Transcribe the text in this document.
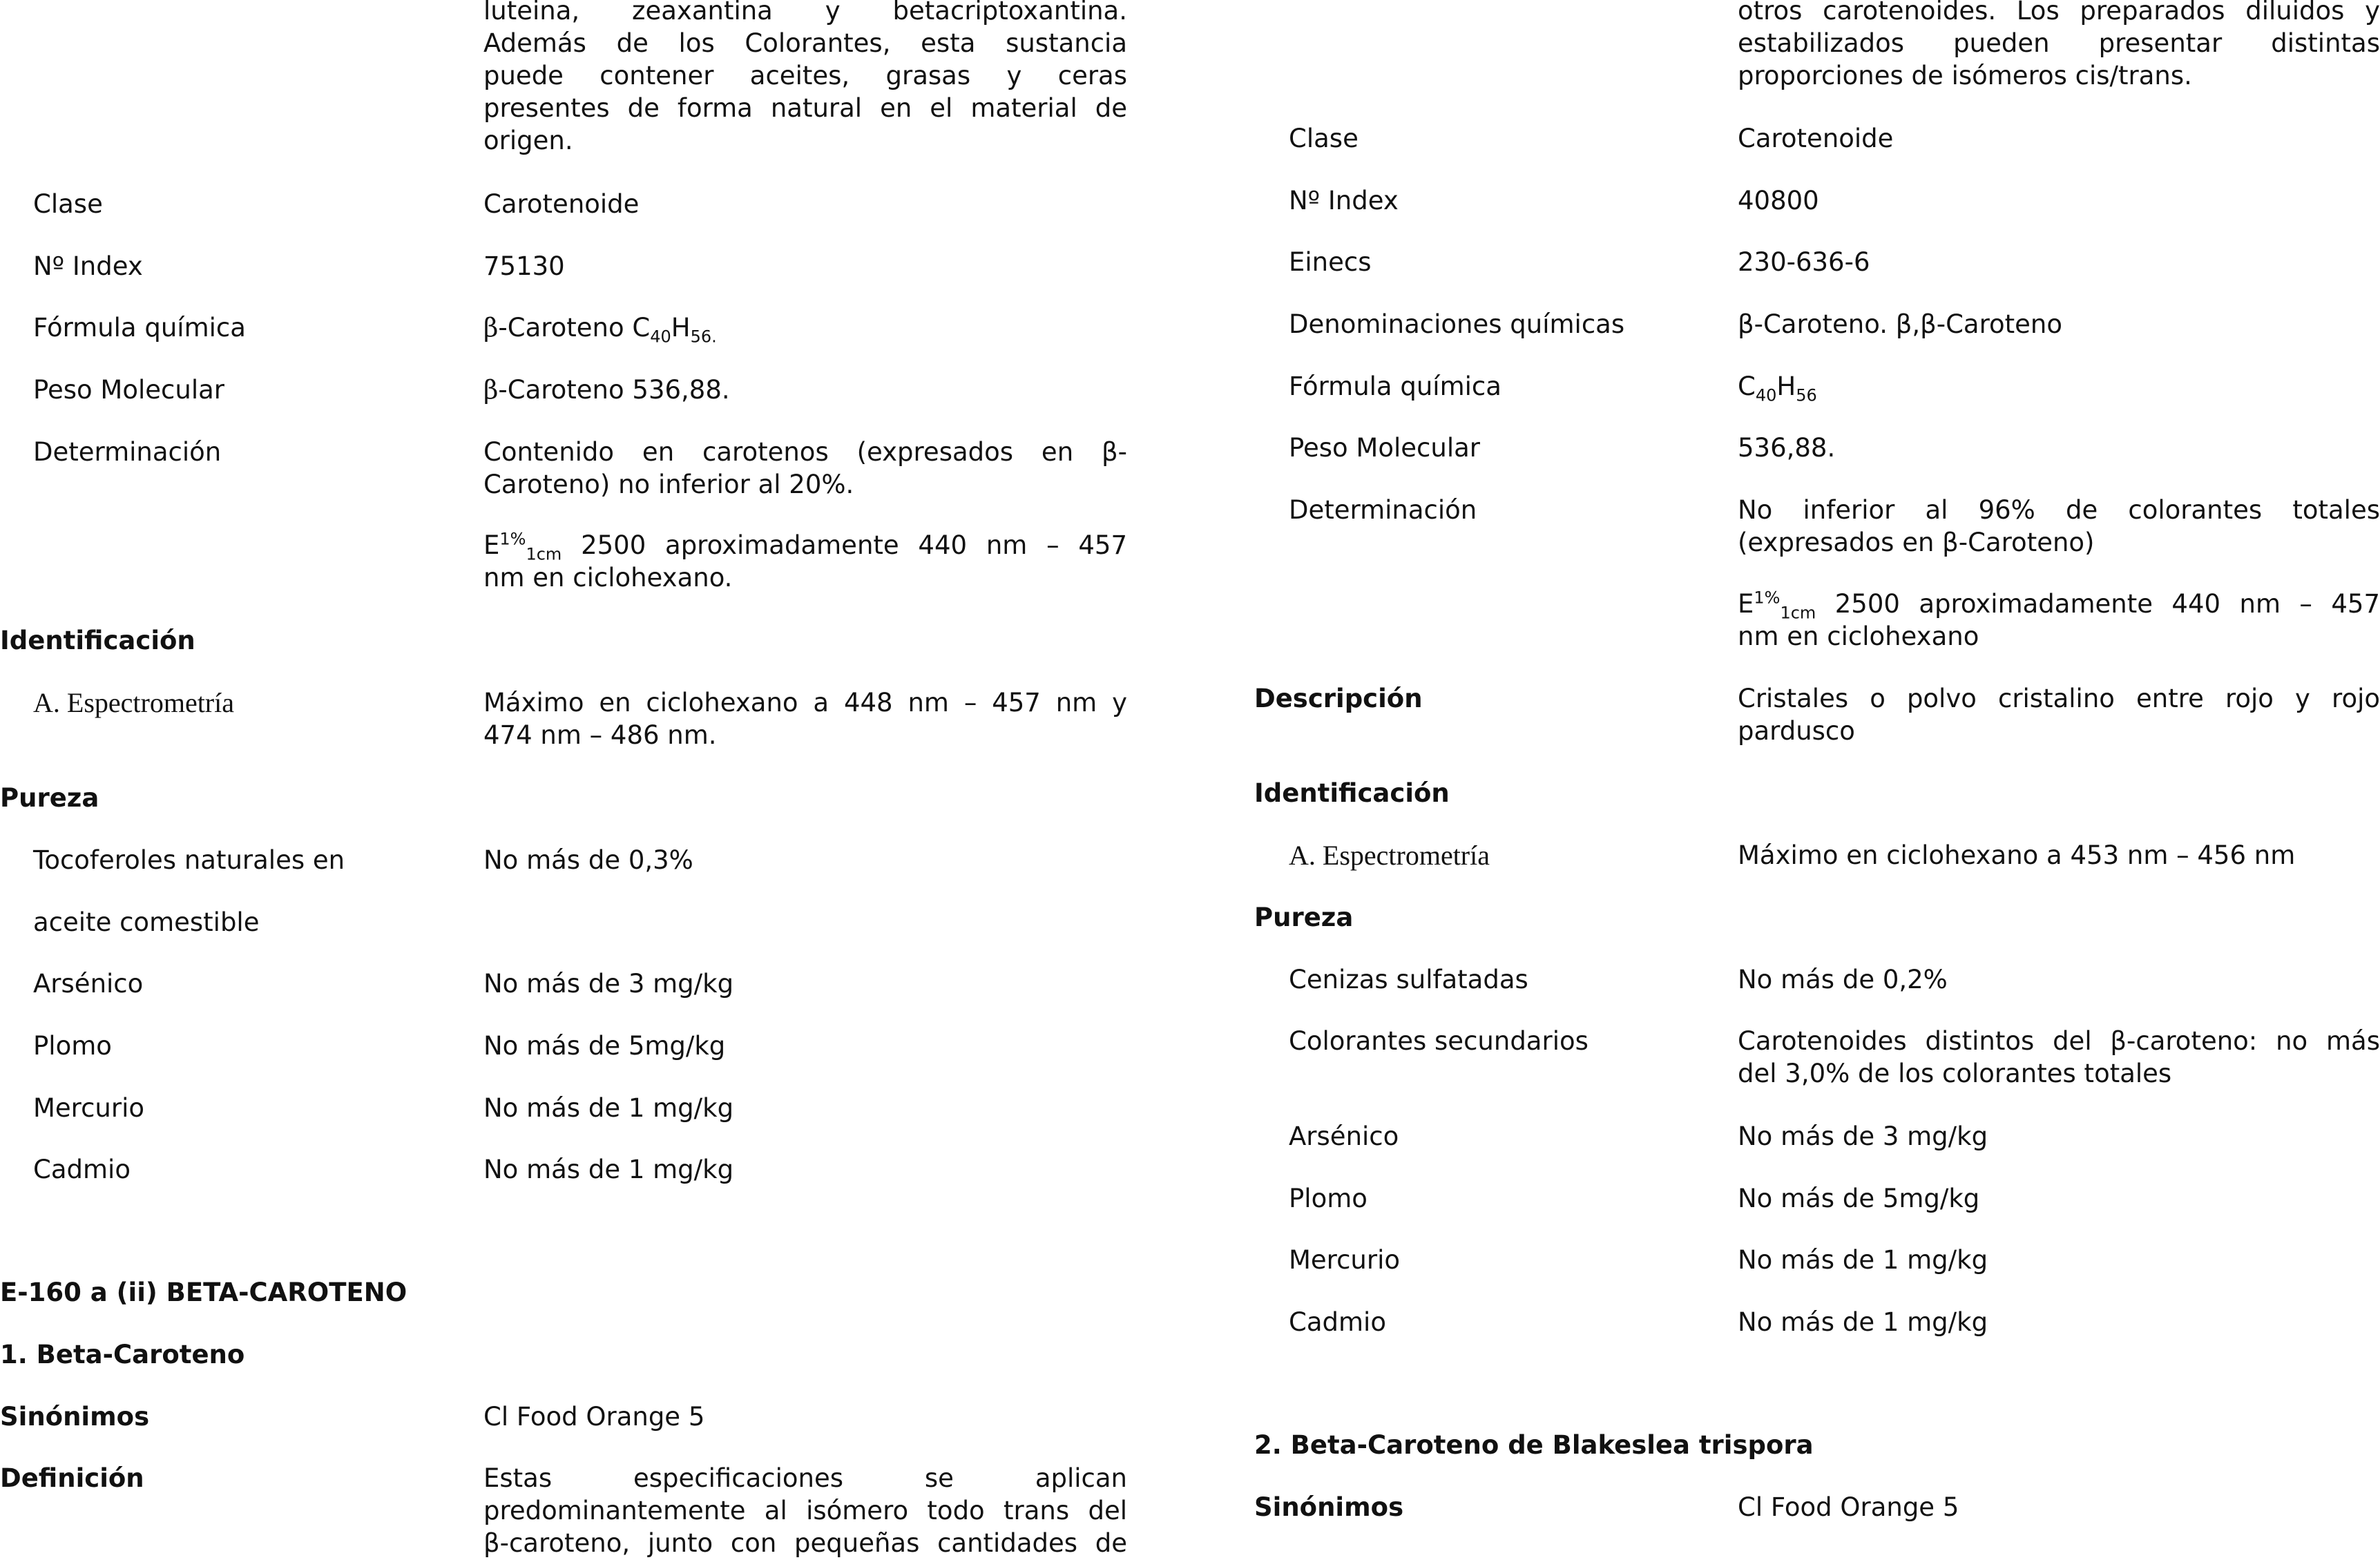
luteina, zeaxantina y betacriptoxantina.
Además de los Colorantes, esta sustancia
puede contener aceites, grasas y ceras
presentes de forma natural en el material de
origen.
Clase	Carotenoide
Nº Index	75130
Fórmula química	β-Caroteno $C_{40}H_{56.}$
Peso Molecular	β-Caroteno 536,88.
Determinación	Contenido en carotenos (expresados en β-
Caroteno) no inferior al 20%.
$E^{1\%}_{1cm}$ 2500 aproximadamente 440 nm – 457
nm en ciclohexano.
Identificación
A. Espectrometría	Máximo en ciclohexano a 448 nm – 457 nm y
474 nm – 486 nm.
Pureza
Tocoferoles naturales en	No más de 0,3%
aceite comestible
Arsénico	No más de 3 mg/kg
Plomo	No más de 5mg/kg
Mercurio	No más de 1 mg/kg
Cadmio	No más de 1 mg/kg
E-160 a (ii) BETA-CAROTENO
1. Beta-Caroteno
Sinónimos	Cl Food Orange 5
Definición	Estas especificaciones se aplican
predominantemente al isómero todo trans del
β-caroteno, junto con pequeñas cantidades de
otros carotenoides. Los preparados diluidos y
estabilizados pueden presentar distintas
proporciones de isómeros cis/trans.
Clase	Carotenoide
Nº Index	40800
Einecs	230-636-6
Denominaciones químicas	β-Caroteno. β,β-Caroteno
Fórmula química	$C_{40}H_{56}$
Peso Molecular	536,88.
Determinación	No inferior al 96% de colorantes totales
(expresados en β-Caroteno)
$E^{1\%}_{1cm}$ 2500 aproximadamente 440 nm – 457
nm en ciclohexano
Descripción	Cristales o polvo cristalino entre rojo y rojo
pardusco
Identificación
A. Espectrometría	Máximo en ciclohexano a 453 nm – 456 nm
Pureza
Cenizas sulfatadas	No más de 0,2%
Colorantes secundarios	Carotenoides distintos del β-caroteno: no más
del 3,0% de los colorantes totales
Arsénico	No más de 3 mg/kg
Plomo	No más de 5mg/kg
Mercurio	No más de 1 mg/kg
Cadmio	No más de 1 mg/kg
2. Beta-Caroteno de Blakeslea trispora
Sinónimos	Cl Food Orange 5
